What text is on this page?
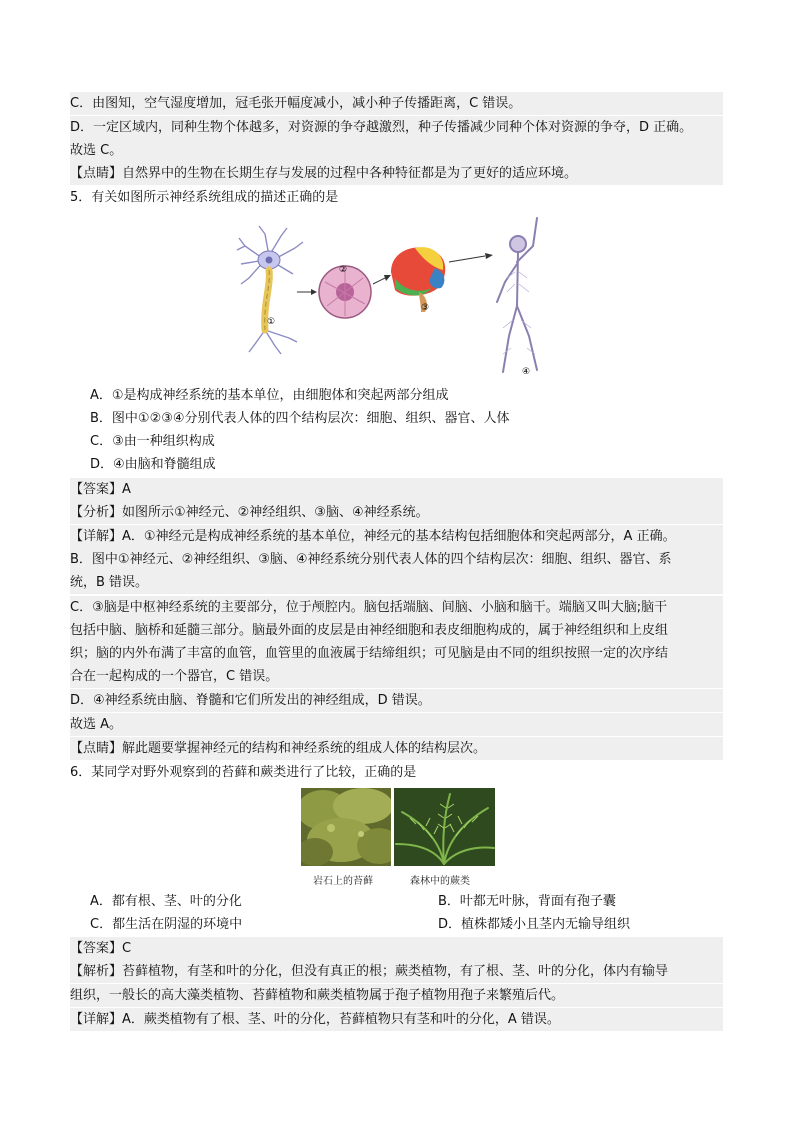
C．由图知，空气湿度增加，冠毛张开幅度减小，减小种子传播距离，C 错误。
D．一定区域内，同种生物个体越多，对资源的争夺越激烈，种子传播减少同种个体对资源的争夺，D 正确。
故选 C。
【点睛】自然界中的生物在长期生存与发展的过程中各种特征都是为了更好的适应环境。
5．有关如图所示神经系统组成的描述正确的是
①
②
③
④
A．①是构成神经系统的基本单位，由细胞体和突起两部分组成
B．图中①②③④分别代表人体的四个结构层次：细胞、组织、器官、人体
C．③由一种组织构成
D．④由脑和脊髓组成
【答案】A
【分析】如图所示①神经元、②神经组织、③脑、④神经系统。
【详解】A．①神经元是构成神经系统的基本单位，神经元的基本结构包括细胞体和突起两部分，A 正确。
B．图中①神经元、②神经组织、③脑、④神经系统分别代表人体的四个结构层次：细胞、组织、器官、系
统，B 错误。
C．③脑是中枢神经系统的主要部分，位于颅腔内。脑包括端脑、间脑、小脑和脑干。端脑又叫大脑;脑干
包括中脑、脑桥和延髓三部分。脑最外面的皮层是由神经细胞和表皮细胞构成的，属于神经组织和上皮组
织；脑的内外布满了丰富的血管，血管里的血液属于结缔组织；可见脑是由不同的组织按照一定的次序结
合在一起构成的一个器官，C 错误。
D．④神经系统由脑、脊髓和它们所发出的神经组成，D 错误。
故选 A。
【点睛】解此题要掌握神经元的结构和神经系统的组成人体的结构层次。
6．某同学对野外观察到的苔藓和蕨类进行了比较，正确的是
岩石上的苔藓	森林中的蕨类
A．都有根、茎、叶的分化	B．叶都无叶脉，背面有孢子囊
C．都生活在阴湿的环境中	D．植株都矮小且茎内无输导组织
【答案】C
【解析】苔藓植物，有茎和叶的分化，但没有真正的根；蕨类植物，有了根、茎、叶的分化，体内有输导
组织，一般长的高大藻类植物、苔藓植物和蕨类植物属于孢子植物用孢子来繁殖后代。
【详解】A．蕨类植物有了根、茎、叶的分化，苔藓植物只有茎和叶的分化，A 错误。
